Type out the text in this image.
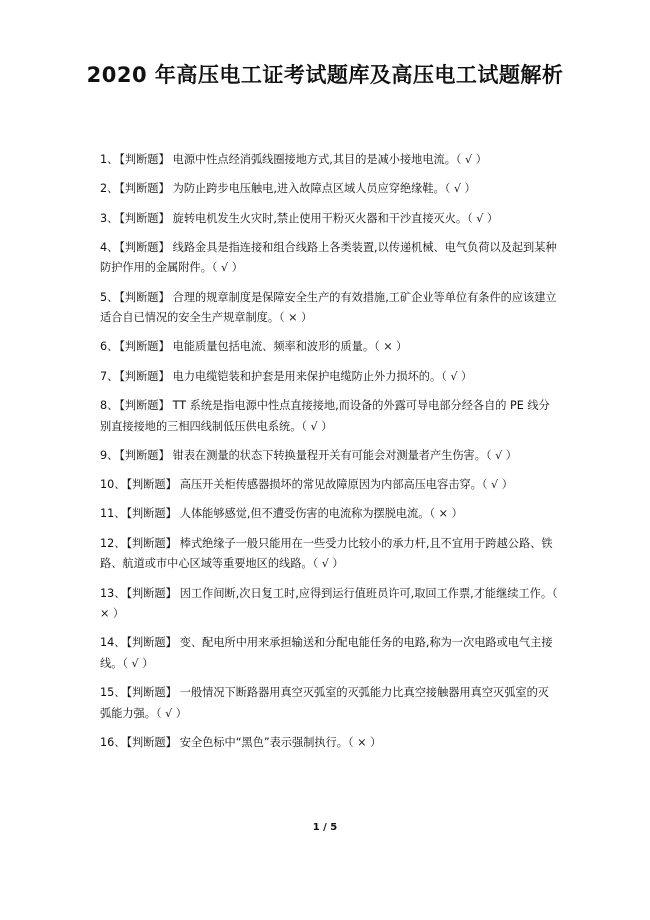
2020 年高压电工证考试题库及高压电工试题解析
1、【判断题】 电源中性点经消弧线圈接地方式,其目的是减小接地电流。（ √ ）
2、【判断题】 为防止跨步电压触电,进入故障点区域人员应穿绝缘鞋。（ √ ）
3、【判断题】 旋转电机发生火灾时,禁止使用干粉灭火器和干沙直接灭火。（ √ ）
4、【判断题】 线路金具是指连接和组合线路上各类装置,以传递机械、电气负荷以及起到某种防护作用的金属附件。（ √ ）
5、【判断题】 合理的规章制度是保障安全生产的有效措施,工矿企业等单位有条件的应该建立适合自已情况的安全生产规章制度。（ × ）
6、【判断题】 电能质量包括电流、频率和波形的质量。（ × ）
7、【判断题】 电力电缆铠装和护套是用来保护电缆防止外力损坏的。（ √ ）
8、【判断题】 TT 系统是指电源中性点直接接地,而设备的外露可导电部分经各自的 PE 线分别直接接地的三相四线制低压供电系统。（ √ ）
9、【判断题】 钳表在测量的状态下转换量程开关有可能会对测量者产生伤害。（ √ ）
10、【判断题】 高压开关柜传感器损坏的常见故障原因为内部高压电容击穿。（ √ ）
11、【判断题】 人体能够感觉,但不遭受伤害的电流称为摆脱电流。（ × ）
12、【判断题】 棒式绝缘子一般只能用在一些受力比较小的承力杆,且不宜用于跨越公路、铁路、航道或市中心区域等重要地区的线路。（ √ ）
13、【判断题】 因工作间断,次日复工时,应得到运行值班员许可,取回工作票,才能继续工作。（ × ）
14、【判断题】 变、配电所中用来承担输送和分配电能任务的电路,称为一次电路或电气主接线。（ √ ）
15、【判断题】 一般情况下断路器用真空灭弧室的灭弧能力比真空接触器用真空灭弧室的灭弧能力强。（ √ ）
16、【判断题】 安全色标中“黑色”表示强制执行。（ × ）
1 / 5
